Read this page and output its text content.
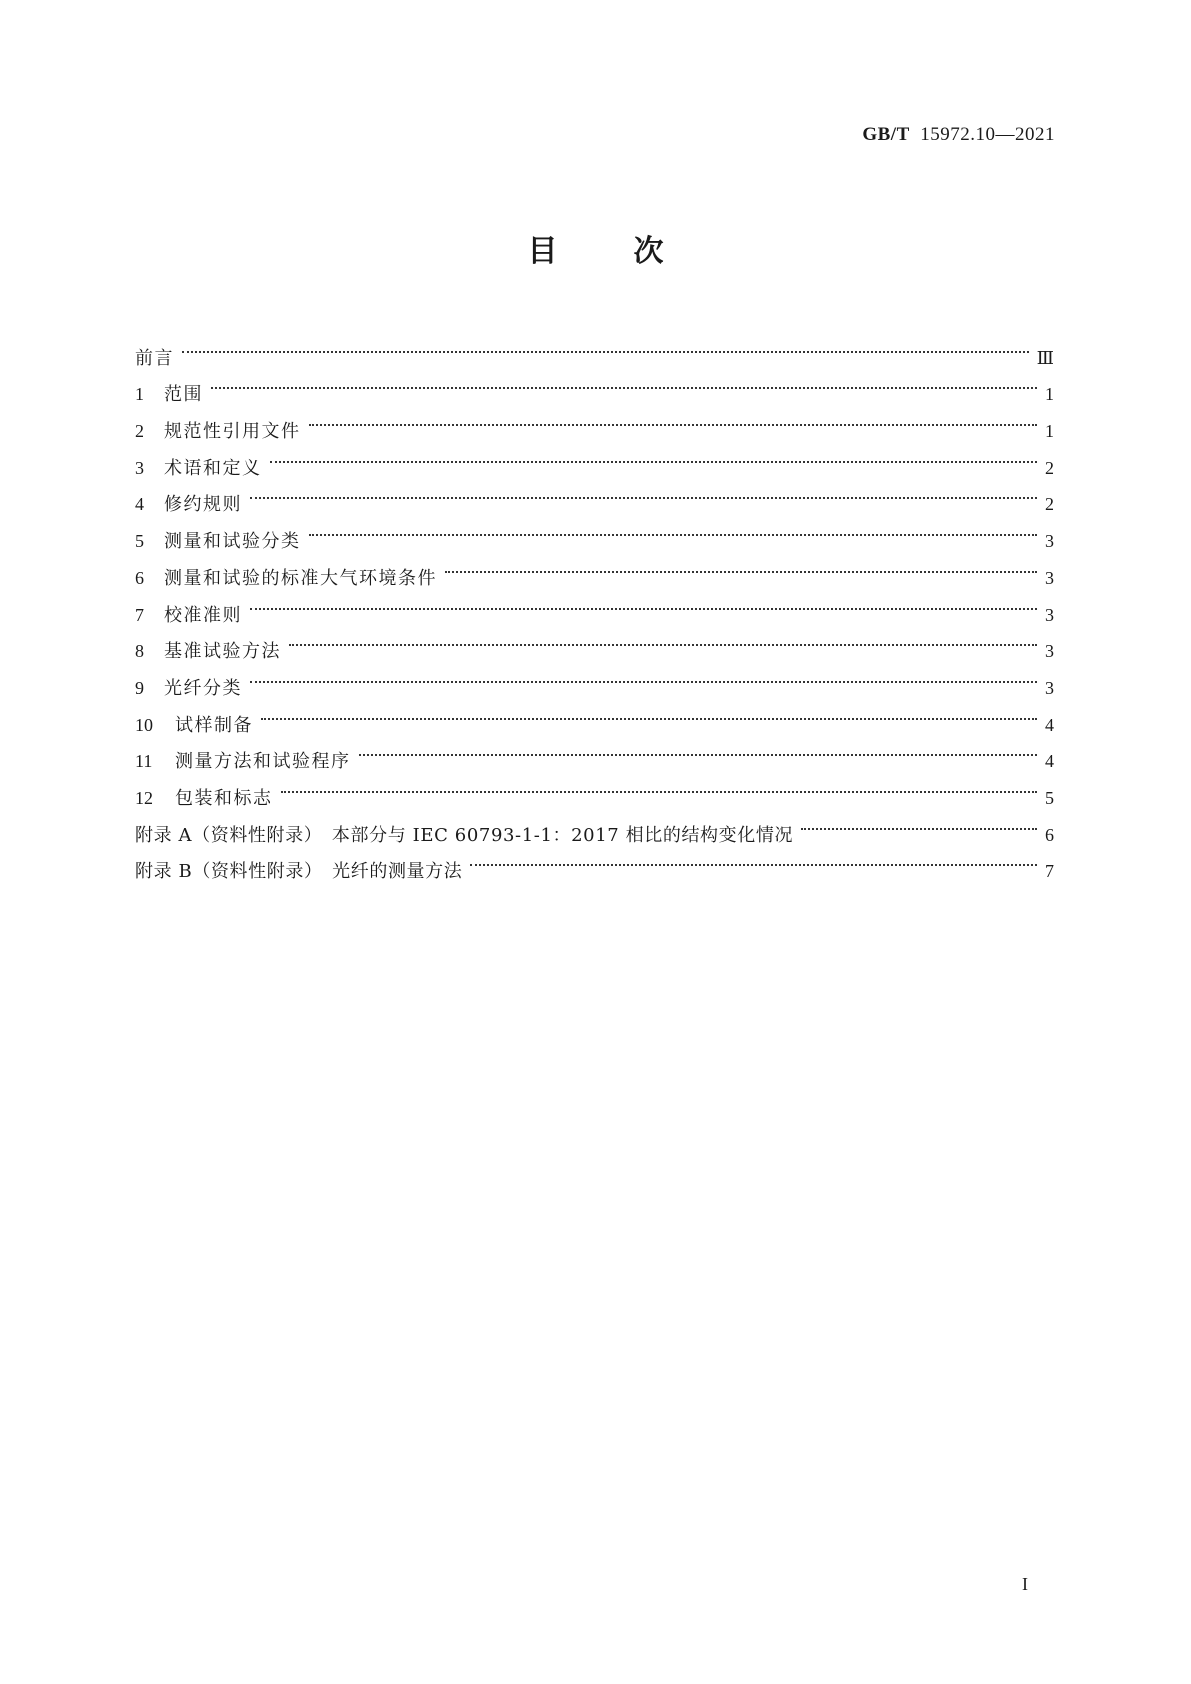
GB/T 15972.10—2021
目	次
前言	Ⅲ
1	范围	1
2	规范性引用文件	1
3	术语和定义	2
4	修约规则	2
5	测量和试验分类	3
6	测量和试验的标准大气环境条件	3
7	校准准则	3
8	基准试验方法	3
9	光纤分类	3
10	试样制备	4
11	测量方法和试验程序	4
12	包装和标志	5
附录 A（资料性附录）　本部分与 IEC 60793-1-1：2017 相比的结构变化情况	6
附录 B（资料性附录）　光纤的测量方法	7
I
